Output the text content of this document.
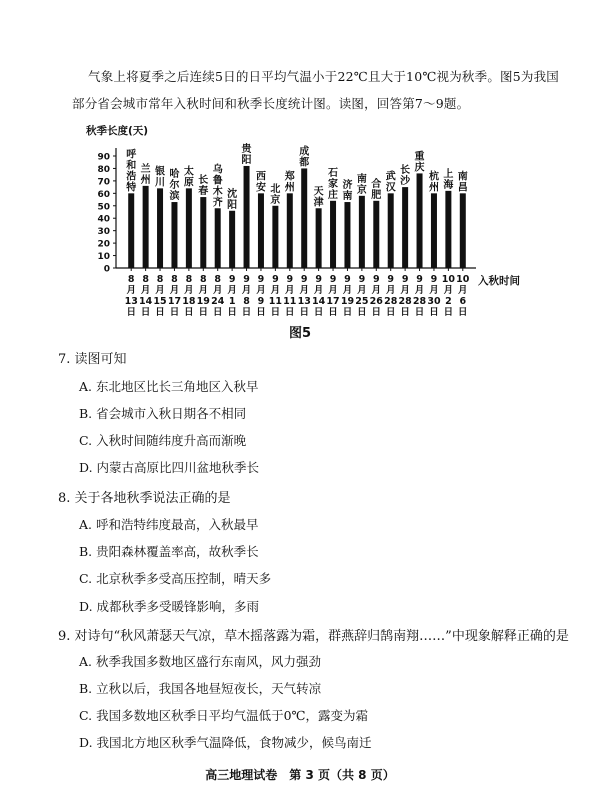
气象上将夏季之后连续5日的日平均气温小于22℃且大于10℃视为秋季。图5为我国部分省会城市常年入秋时间和秋季长度统计图。读图，回答第7～9题。
秋季长度(天)
0
10
20
30
40
50
60
70
80
90
入秋时间
呼和浩特
8 月 13 日
兰州
8 月 14 日
银川
8 月 15 日
哈尔滨
8 月 17 日
太原
8 月 18 日
长春
8 月 19 日
乌鲁木齐
8 月 24 日
沈阳
9 月 1 日
贵阳
9 月 8 日
西安
9 月 9 日
北京
9 月 11 日
郑州
9 月 11 日
成都
9 月 13 日
天津
9 月 14 日
石家庄
9 月 17 日
济南
9 月 19 日
南京
9 月 25 日
合肥
9 月 26 日
武汉
9 月 28 日
长沙
9 月 28 日
重庆
9 月 28 日
杭州
9 月 30 日
上海
10 月 2 日
南昌
10 月 6 日
图5
7. 读图可知
A. 东北地区比长三角地区入秋早
B. 省会城市入秋日期各不相同
C. 入秋时间随纬度升高而渐晚
D. 内蒙古高原比四川盆地秋季长
8. 关于各地秋季说法正确的是
A. 呼和浩特纬度最高，入秋最早
B. 贵阳森林覆盖率高，故秋季长
C. 北京秋季多受高压控制，晴天多
D. 成都秋季多受暖锋影响，多雨
9. 对诗句“秋风萧瑟天气凉，草木摇落露为霜，群燕辞归鹄南翔……”中现象解释正确的是
A. 秋季我国多数地区盛行东南风，风力强劲
B. 立秋以后，我国各地昼短夜长，天气转凉
C. 我国多数地区秋季日平均气温低于0℃，露变为霜
D. 我国北方地区秋季气温降低，食物减少，候鸟南迁
高三地理试卷　第 3 页（共 8 页）
